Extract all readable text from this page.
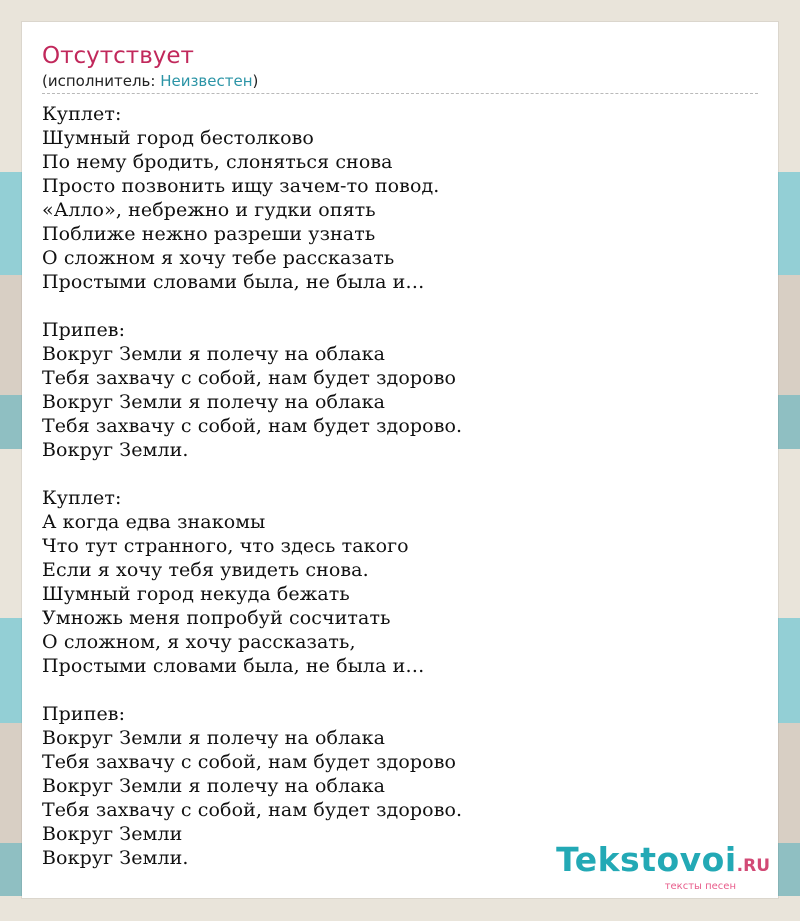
Отсутствует
(исполнитель: Неизвестен)
Куплет:
Шумный город бестолково
По нему бродить, слоняться снова
Просто позвонить ищу зачем-то повод.
«Алло», небрежно и гудки опять
Поближе нежно разреши узнать
О сложном я хочу тебе рассказать
Простыми словами была, не была и…
Припев:
Вокруг Земли я полечу на облака
Тебя захвачу с собой, нам будет здорово
Вокруг Земли я полечу на облака
Тебя захвачу с собой, нам будет здорово.
Вокруг Земли.
Куплет:
А когда едва знакомы
Что тут странного, что здесь такого
Если я хочу тебя увидеть снова.
Шумный город некуда бежать
Умножь меня попробуй сосчитать
О сложном, я хочу рассказать,
Простыми словами была, не была и…
Припев:
Вокруг Земли я полечу на облака
Тебя захвачу с собой, нам будет здорово
Вокруг Земли я полечу на облака
Тебя захвачу с собой, нам будет здорово.
Вокруг Земли
Вокруг Земли.	Tekstovoi.RU
тексты песен
